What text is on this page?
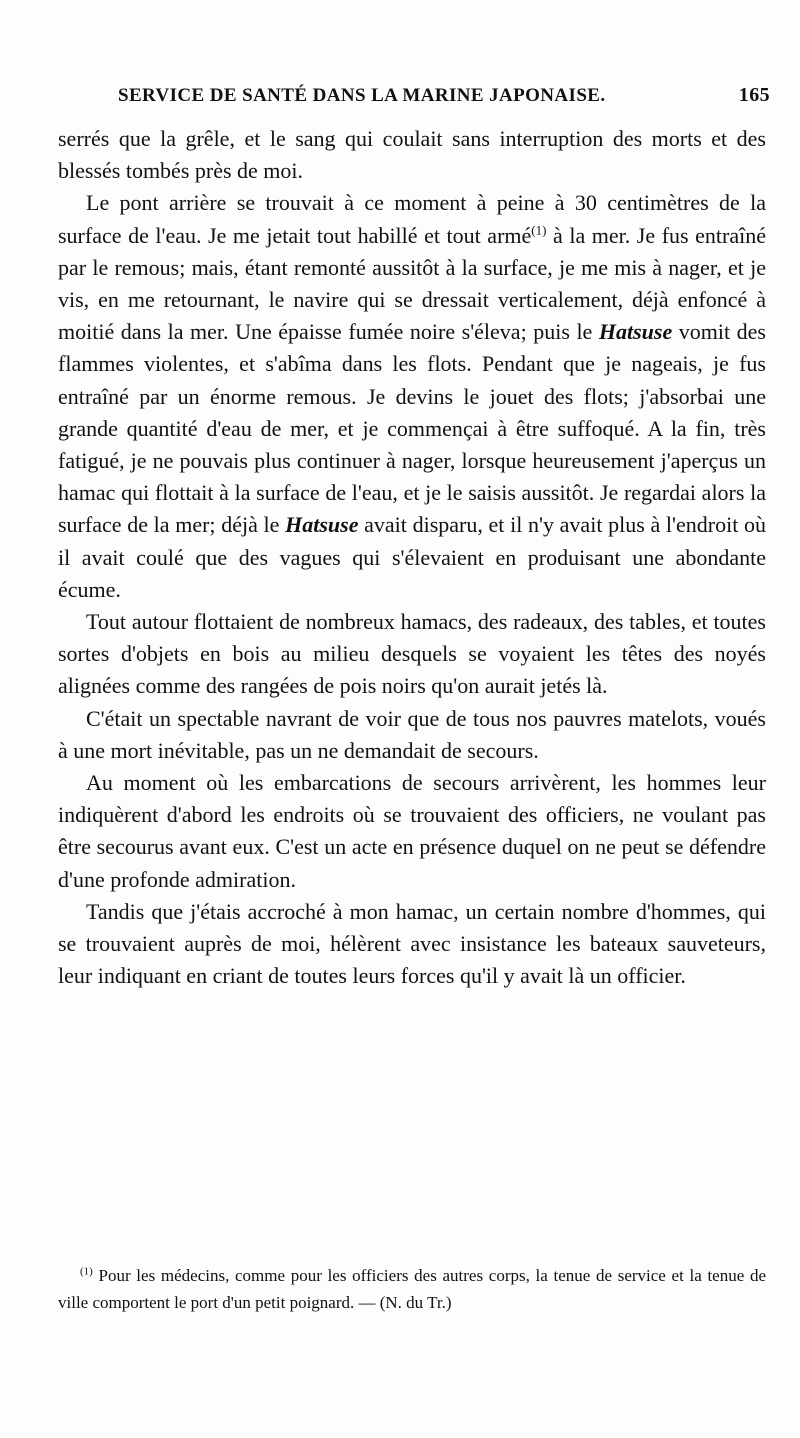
SERVICE DE SANTÉ DANS LA MARINE JAPONAISE.	165

serrés que la grêle, et le sang qui coulait sans interruption des morts et des blessés tombés près de moi.

Le pont arrière se trouvait à ce moment à peine à 30 centimètres de la surface de l'eau. Je me jetait tout habillé et tout armé$^{(1)}$ à la mer. Je fus entraîné par le remous; mais, étant remonté aussitôt à la surface, je me mis à nager, et je vis, en me retournant, le navire qui se dressait verticalement, déjà enfoncé à moitié dans la mer. Une épaisse fumée noire s'éleva; puis le Hatsuse vomit des flammes violentes, et s'abîma dans les flots. Pendant que je nageais, je fus entraîné par un énorme remous. Je devins le jouet des flots; j'absorbai une grande quantité d'eau de mer, et je commençai à être suffoqué. A la fin, très fatigué, je ne pouvais plus continuer à nager, lorsque heureusement j'aperçus un hamac qui flottait à la surface de l'eau, et je le saisis aussitôt. Je regardai alors la surface de la mer; déjà le Hatsuse avait disparu, et il n'y avait plus à l'endroit où il avait coulé que des vagues qui s'élevaient en produisant une abondante écume.

Tout autour flottaient de nombreux hamacs, des radeaux, des tables, et toutes sortes d'objets en bois au milieu desquels se voyaient les têtes des noyés alignées comme des rangées de pois noirs qu'on aurait jetés là.

C'était un spectable navrant de voir que de tous nos pauvres matelots, voués à une mort inévitable, pas un ne demandait de secours.

Au moment où les embarcations de secours arrivèrent, les hommes leur indiquèrent d'abord les endroits où se trouvaient des officiers, ne voulant pas être secourus avant eux. C'est un acte en présence duquel on ne peut se défendre d'une profonde admiration.

Tandis que j'étais accroché à mon hamac, un certain nombre d'hommes, qui se trouvaient auprès de moi, hélèrent avec insistance les bateaux sauveteurs, leur indiquant en criant de toutes leurs forces qu'il y avait là un officier.

$^{(1)}$ Pour les médecins, comme pour les officiers des autres corps, la tenue de service et la tenue de ville comportent le port d'un petit poignard. — (N. du Tr.)
